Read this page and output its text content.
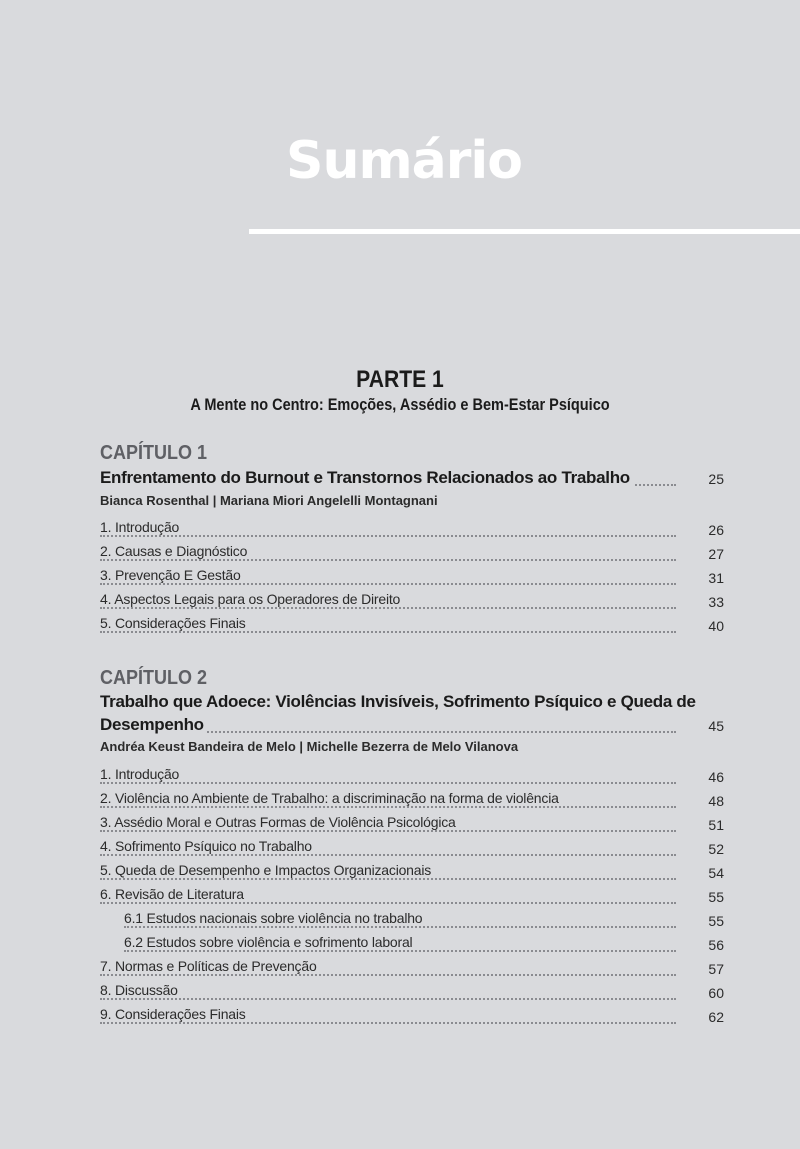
Sumário
PARTE 1
A Mente no Centro: Emoções, Assédio e Bem-Estar Psíquico
CAPÍTULO 1
Enfrentamento do Burnout e Transtornos Relacionados ao Trabalho	25
Bianca Rosenthal | Mariana Miori Angelelli Montagnani
1. Introdução	26
2. Causas e Diagnóstico	27
3. Prevenção E Gestão	31
4. Aspectos Legais para os Operadores de Direito	33
5. Considerações Finais	40
CAPÍTULO 2
Trabalho que Adoece: Violências Invisíveis, Sofrimento Psíquico e Queda de
Desempenho	45
Andréa Keust Bandeira de Melo | Michelle Bezerra de Melo Vilanova
1. Introdução	46
2. Violência no Ambiente de Trabalho: a discriminação na forma de violência	48
3. Assédio Moral e Outras Formas de Violência Psicológica	51
4. Sofrimento Psíquico no Trabalho	52
5. Queda de Desempenho e Impactos Organizacionais	54
6. Revisão de Literatura	55
6.1 Estudos nacionais sobre violência no trabalho	55
6.2 Estudos sobre violência e sofrimento laboral	56
7. Normas e Políticas de Prevenção	57
8. Discussão	60
9. Considerações Finais	62
